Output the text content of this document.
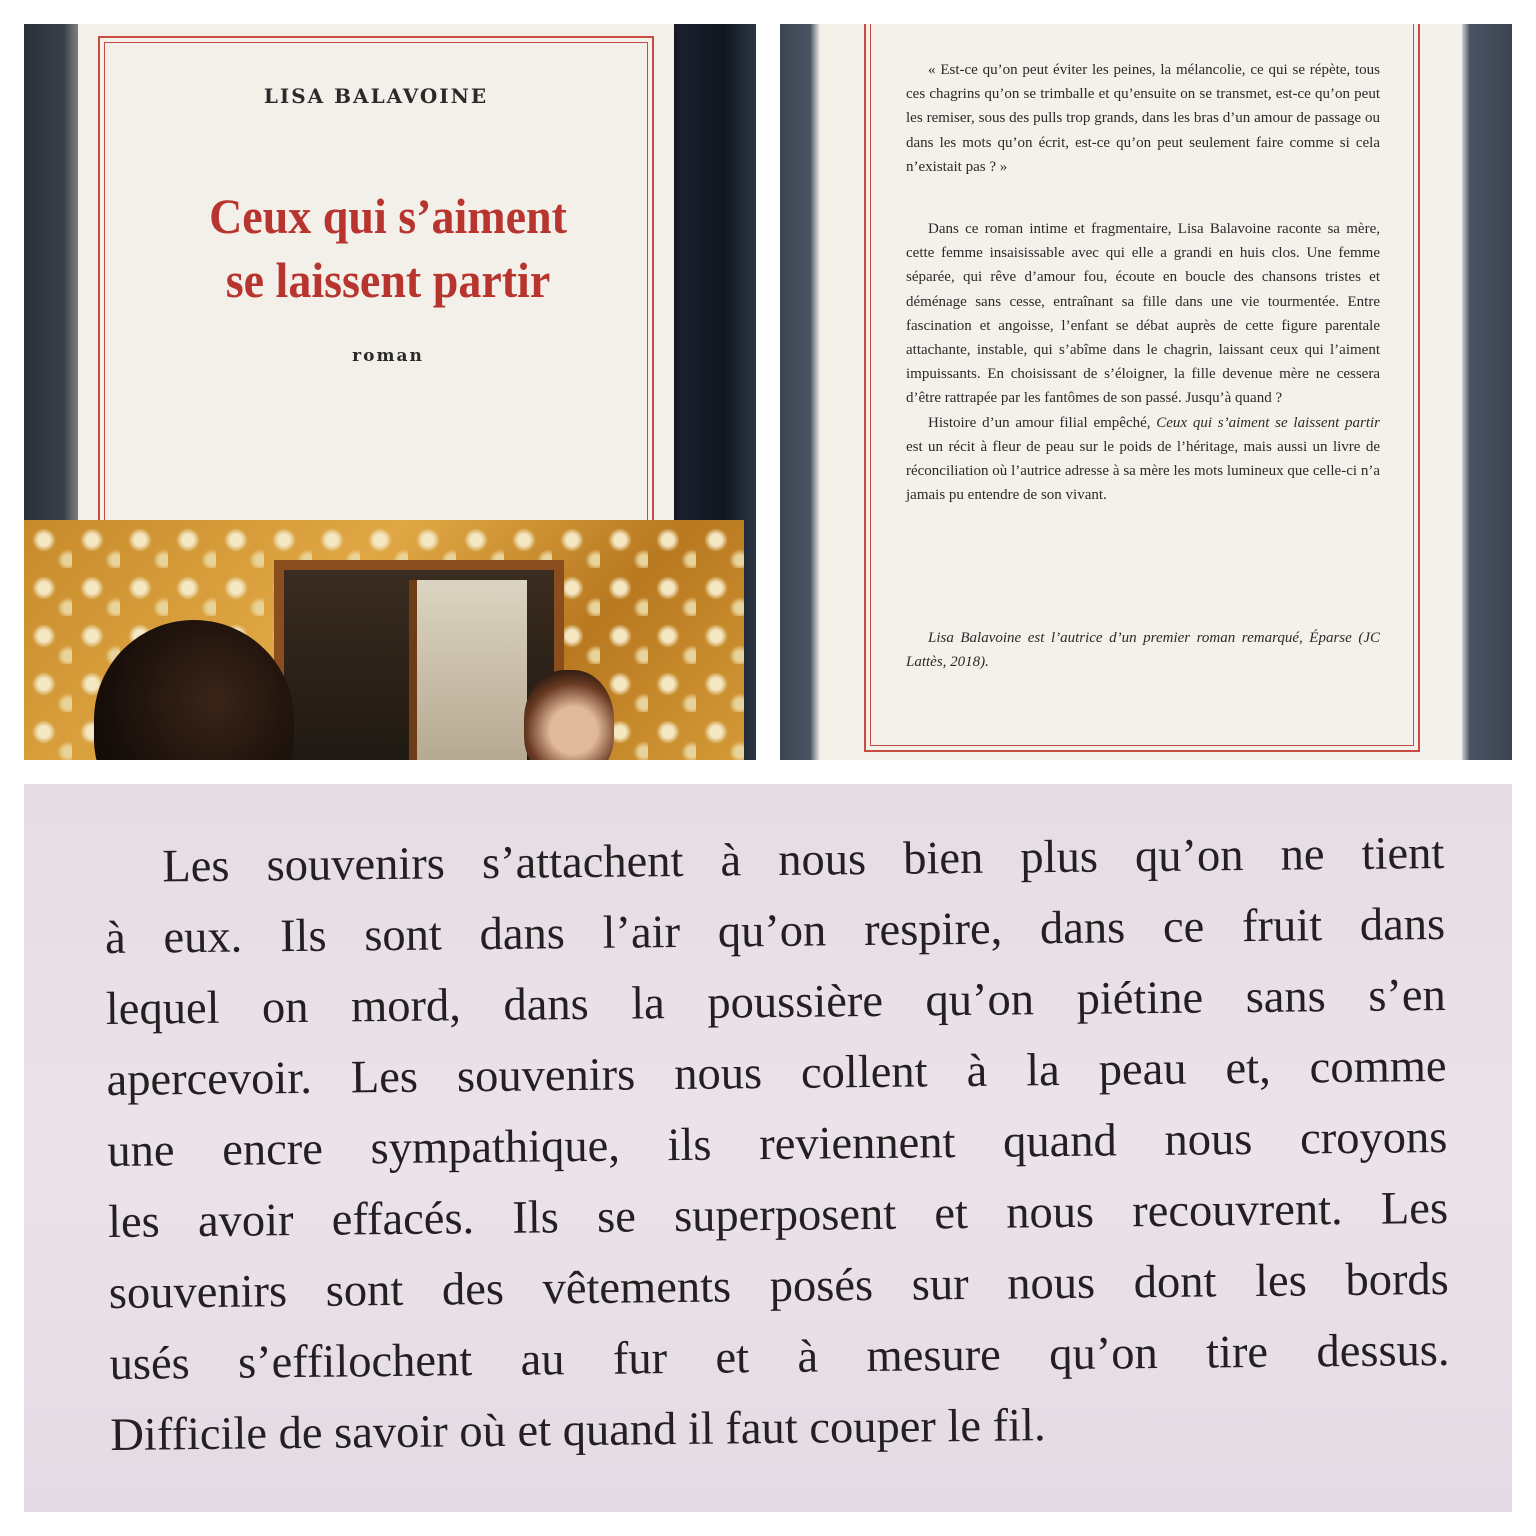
LISA BALAVOINE
Ceux qui s’aiment
se laissent partir
roman

« Est-ce qu’on peut éviter les peines, la mélancolie, ce qui se répète, tous ces chagrins qu’on se trimballe et qu’ensuite on se transmet, est-ce qu’on peut les remiser, sous des pulls trop grands, dans les bras d’un amour de passage ou dans les mots qu’on écrit, est-ce qu’on peut seulement faire comme si cela n’existait pas ? »

Dans ce roman intime et fragmentaire, Lisa Balavoine raconte sa mère, cette femme insaisissable avec qui elle a grandi en huis clos. Une femme séparée, qui rêve d’amour fou, écoute en boucle des chansons tristes et déménage sans cesse, entraînant sa fille dans une vie tourmentée. Entre fascination et angoisse, l’enfant se débat auprès de cette figure parentale attachante, instable, qui s’abîme dans le chagrin, laissant ceux qui l’aiment impuissants. En choisissant de s’éloigner, la fille devenue mère ne cessera d’être rattrapée par les fantômes de son passé. Jusqu’à quand ?

Histoire d’un amour filial empêché, Ceux qui s’aiment se laissent partir est un récit à fleur de peau sur le poids de l’héritage, mais aussi un livre de réconciliation où l’autrice adresse à sa mère les mots lumineux que celle-ci n’a jamais pu entendre de son vivant.

Lisa Balavoine est l’autrice d’un premier roman remarqué, Éparse (JC Lattès, 2018).

Les souvenirs s’attachent à nous bien plus qu’on ne tient
à eux. Ils sont dans l’air qu’on respire, dans ce fruit dans
lequel on mord, dans la poussière qu’on piétine sans s’en
apercevoir. Les souvenirs nous collent à la peau et, comme
une encre sympathique, ils reviennent quand nous croyons
les avoir effacés. Ils se superposent et nous recouvrent. Les
souvenirs sont des vêtements posés sur nous dont les bords
usés s’effilochent au fur et à mesure qu’on tire dessus.
Difficile de savoir où et quand il faut couper le fil.
